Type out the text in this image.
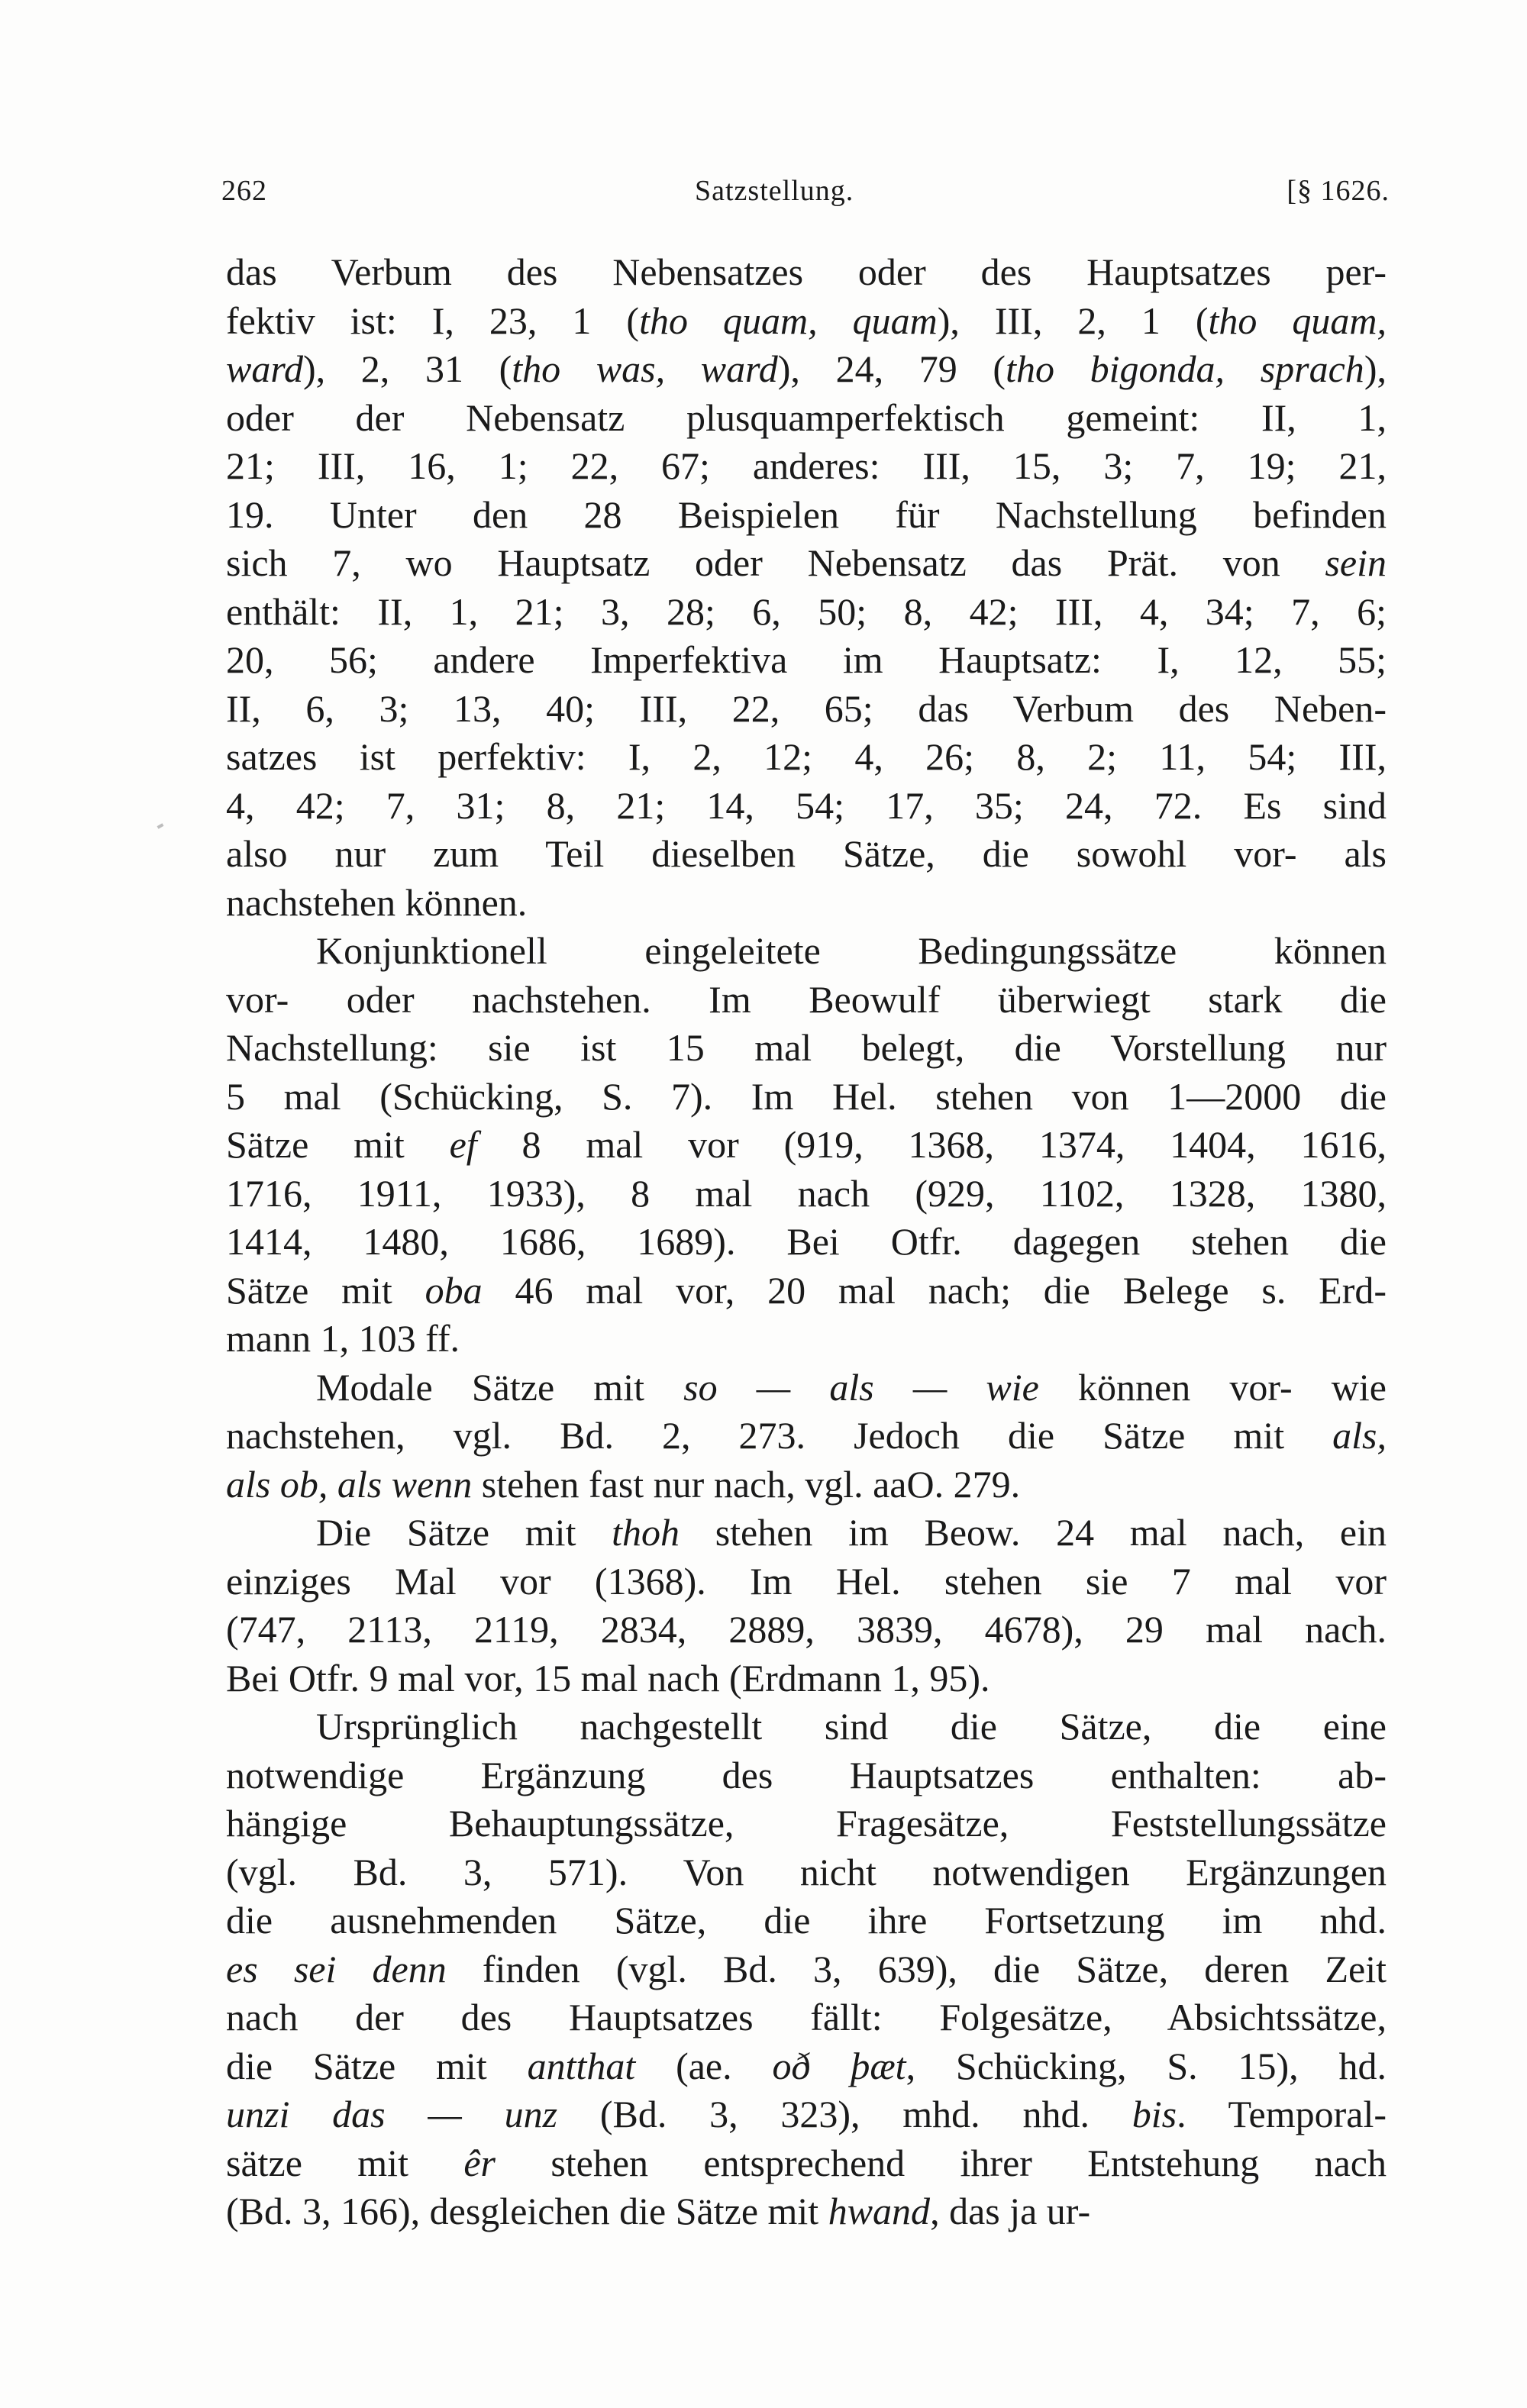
262	Satzstellung.	[§ 1626.

das Verbum des Nebensatzes oder des Hauptsatzes per-
fektiv ist: I, 23, 1 (tho quam, quam), III, 2, 1 (tho quam,
ward), 2, 31 (tho was, ward), 24, 79 (tho bigonda, sprach),
oder der Nebensatz plusquamperfektisch gemeint: II, 1,
21; III, 16, 1; 22, 67; anderes: III, 15, 3; 7, 19; 21,
19. Unter den 28 Beispielen für Nachstellung befinden
sich 7, wo Hauptsatz oder Nebensatz das Prät. von sein
enthält: II, 1, 21; 3, 28; 6, 50; 8, 42; III, 4, 34; 7, 6;
20, 56; andere Imperfektiva im Hauptsatz: I, 12, 55;
II, 6, 3; 13, 40; III, 22, 65; das Verbum des Neben-
satzes ist perfektiv: I, 2, 12; 4, 26; 8, 2; 11, 54; III,
4, 42; 7, 31; 8, 21; 14, 54; 17, 35; 24, 72. Es sind
also nur zum Teil dieselben Sätze, die sowohl vor- als
nachstehen können.

Konjunktionell eingeleitete Bedingungssätze können
vor- oder nachstehen. Im Beowulf überwiegt stark die
Nachstellung: sie ist 15 mal belegt, die Vorstellung nur
5 mal (Schücking, S. 7). Im Hel. stehen von 1—2000 die
Sätze mit ef 8 mal vor (919, 1368, 1374, 1404, 1616,
1716, 1911, 1933), 8 mal nach (929, 1102, 1328, 1380,
1414, 1480, 1686, 1689). Bei Otfr. dagegen stehen die
Sätze mit oba 46 mal vor, 20 mal nach; die Belege s. Erd-
mann 1, 103 ff.

Modale Sätze mit so — als — wie können vor- wie
nachstehen, vgl. Bd. 2, 273. Jedoch die Sätze mit als,
als ob, als wenn stehen fast nur nach, vgl. aaO. 279.

Die Sätze mit thoh stehen im Beow. 24 mal nach, ein
einziges Mal vor (1368). Im Hel. stehen sie 7 mal vor
(747, 2113, 2119, 2834, 2889, 3839, 4678), 29 mal nach.
Bei Otfr. 9 mal vor, 15 mal nach (Erdmann 1, 95).

Ursprünglich nachgestellt sind die Sätze, die eine
notwendige Ergänzung des Hauptsatzes enthalten: ab-
hängige Behauptungssätze, Fragesätze, Feststellungssätze
(vgl. Bd. 3, 571). Von nicht notwendigen Ergänzungen
die ausnehmenden Sätze, die ihre Fortsetzung im nhd.
es sei denn finden (vgl. Bd. 3, 639), die Sätze, deren Zeit
nach der des Hauptsatzes fällt: Folgesätze, Absichtssätze,
die Sätze mit antthat (ae. oð þæt, Schücking, S. 15), hd.
unzi das — unz (Bd. 3, 323), mhd. nhd. bis. Temporal-
sätze mit êr stehen entsprechend ihrer Entstehung nach
(Bd. 3, 166), desgleichen die Sätze mit hwand, das ja ur-
